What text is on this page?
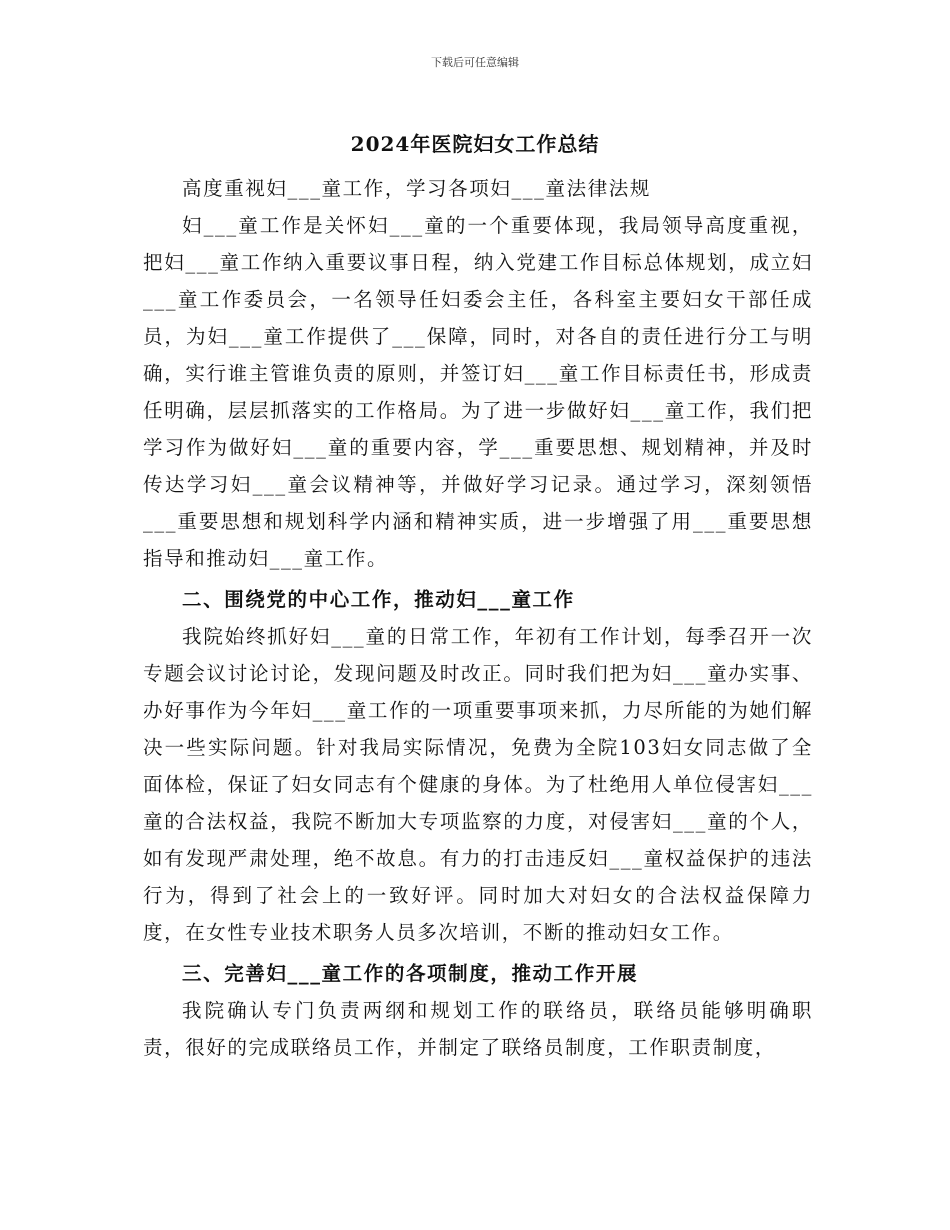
下载后可任意编辑
2024年医院妇女工作总结

高度重视妇___童工作，学习各项妇___童法律法规

妇___童工作是关怀妇___童的一个重要体现，我局领导高度重视，把妇___童工作纳入重要议事日程，纳入党建工作目标总体规划，成立妇___童工作委员会，一名领导任妇委会主任，各科室主要妇女干部任成员，为妇___童工作提供了___保障，同时，对各自的责任进行分工与明确，实行谁主管谁负责的原则，并签订妇___童工作目标责任书，形成责任明确，层层抓落实的工作格局。为了进一步做好妇___童工作，我们把学习作为做好妇___童的重要内容，学___重要思想、规划精神，并及时传达学习妇___童会议精神等，并做好学习记录。通过学习，深刻领悟___重要思想和规划科学内涵和精神实质，进一步增强了用___重要思想指导和推动妇___童工作。

二、围绕党的中心工作，推动妇___童工作

我院始终抓好妇___童的日常工作，年初有工作计划，每季召开一次专题会议讨论讨论，发现问题及时改正。同时我们把为妇___童办实事、办好事作为今年妇___童工作的一项重要事项来抓，力尽所能的为她们解决一些实际问题。针对我局实际情况，免费为全院103妇女同志做了全面体检，保证了妇女同志有个健康的身体。为了杜绝用人单位侵害妇___童的合法权益，我院不断加大专项监察的力度，对侵害妇___童的个人，如有发现严肃处理，绝不故息。有力的打击违反妇___童权益保护的违法行为，得到了社会上的一致好评。同时加大对妇女的合法权益保障力度，在女性专业技术职务人员多次培训，不断的推动妇女工作。

三、完善妇___童工作的各项制度，推动工作开展

我院确认专门负责两纲和规划工作的联络员，联络员能够明确职责，很好的完成联络员工作，并制定了联络员制度，工作职责制度，
